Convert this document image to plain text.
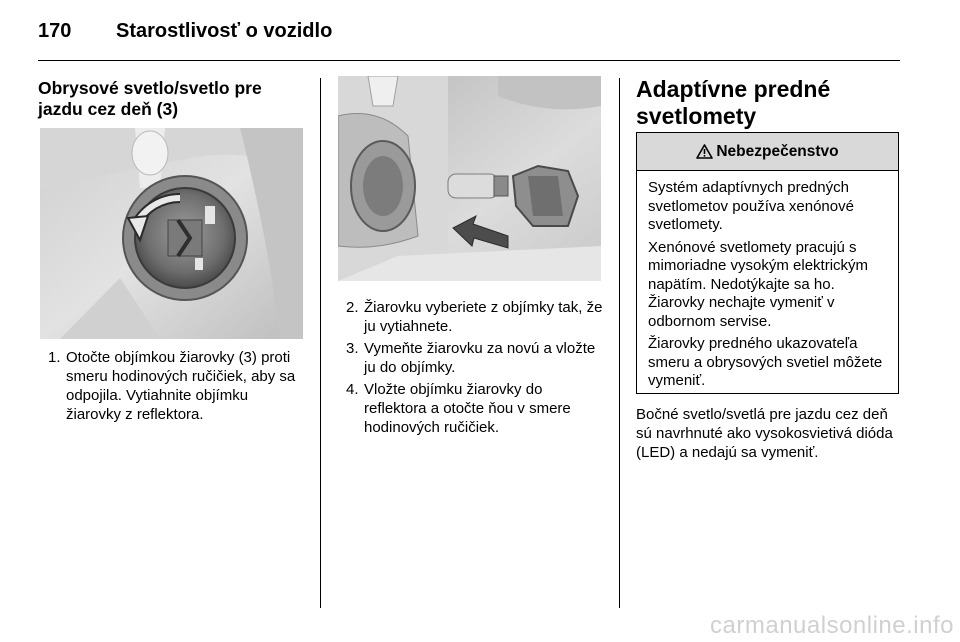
170 Starostlivosť o vozidlo
Obrysové svetlo/svetlo pre jazdu cez deň (3)
1. Otočte objímkou žiarovky (3) proti smeru hodinových ručičiek, aby sa odpojila. Vytiahnite objímku žiarovky z reflektora.
2. Žiarovku vyberiete z objímky tak, že ju vytiahnete.
3. Vymeňte žiarovku za novú a vložte ju do objímky.
4. Vložte objímku žiarovky do reflektora a otočte ňou v smere hodinových ručičiek.
Adaptívne predné svetlomety
Nebezpečenstvo

Systém adaptívnych predných svetlometov používa xenónové svetlomety.

Xenónové svetlomety pracujú s mimoriadne vysokým elektrickým napätím. Nedotýkajte sa ho. Žiarovky nechajte vymeniť v odbornom servise.

Žiarovky predného ukazovateľa smeru a obrysových svetiel môžete vymeniť.

Bočné svetlo/svetlá pre jazdu cez deň sú navrhnuté ako vysokosvietivá dióda (LED) a nedajú sa vymeniť.

carmanualsonline.info
